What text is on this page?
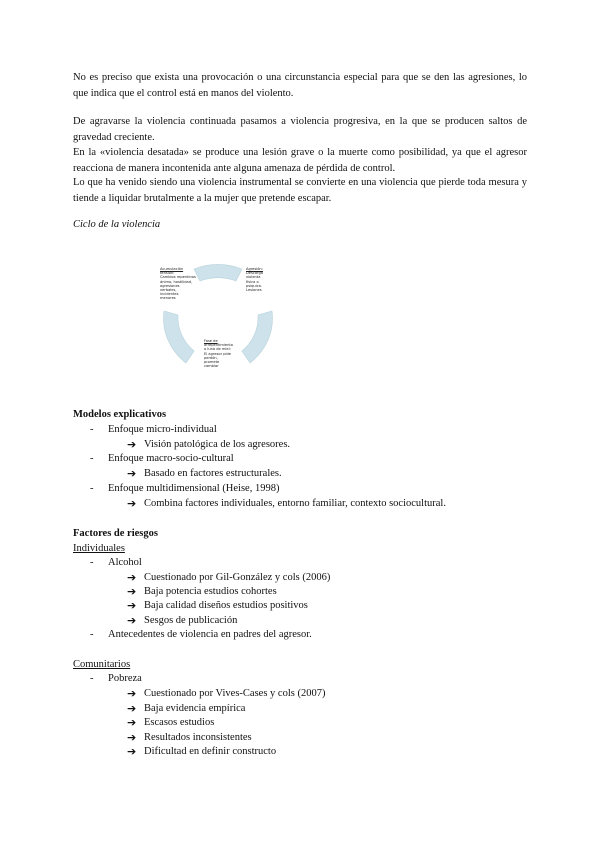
No es preciso que exista una provocación o una circunstancia especial para que se den las agresiones, lo que indica que el control está en manos del violento.
De agravarse la violencia continuada pasamos a violencia progresiva, en la que se producen saltos de gravedad creciente.
En la «violencia desatada» se produce una lesión grave o la muerte como posibilidad, ya que el agresor reacciona de manera incontenida ante alguna amenaza de pérdida de control.
Lo que ha venido siendo una violencia instrumental se convierte en una violencia que pierde toda mesura y tiende a liquidar brutalmente a la mujer que pretende escapar.
Ciclo de la violencia
Acumulación
tensión:
Cambios repentinos
ánimo, hostilidad,
agresiones
verbales,
incidentes
menores
Agresión:
Descarga
violenta
física o
psíquica.
Lesiones
Fase de
arrepentimiento
o luna de miel:
El agresor pide
perdón,
promete
cambiar
Modelos explicativos
- Enfoque micro-individual
➔ Visión patológica de los agresores.
- Enfoque macro-socio-cultural
➔ Basado en factores estructurales.
- Enfoque multidimensional (Heise, 1998)
➔ Combina factores individuales, entorno familiar, contexto sociocultural.
Factores de riesgos
Individuales
- Alcohol
➔ Cuestionado por Gil-González y cols (2006)
➔ Baja potencia estudios cohortes
➔ Baja calidad diseños estudios positivos
➔ Sesgos de publicación
- Antecedentes de violencia en padres del agresor.
Comunitarios
- Pobreza
➔ Cuestionado por Vives-Cases y cols (2007)
➔ Baja evidencia empírica
➔ Escasos estudios
➔ Resultados inconsistentes
➔ Dificultad en definir constructo
